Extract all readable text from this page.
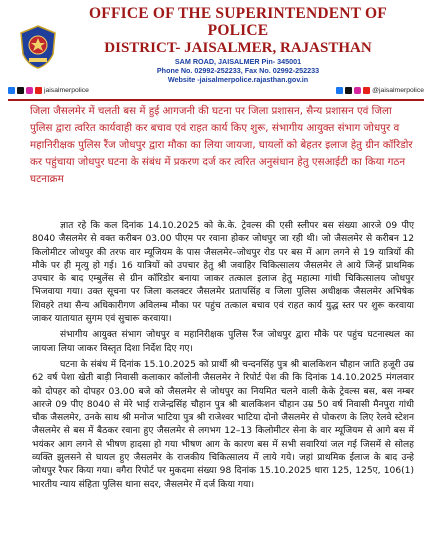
OFFICE OF THE SUPERINTENDENT OF POLICE
DISTRICT- JAISALMER, RAJASTHAN
SAM ROAD, JAISALMER Pin- 345001
Phone No. 02992-252233, Fax No. 02992-252233
Website -jaisalmerpolice.rajasthan.gov.in
jaisalmerpolice	@jaisalmerpolice
जिला जैसलमेर में चलती बस में हुई आगजनी की घटना पर जिला प्रशासन, सैन्य प्रशासन एवं जिला पुलिस द्वारा त्वरित कार्यवाही कर बचाव एवं राहत कार्य किए शुरू, संभागीय आयुक्त संभाग जोधपुर व महानिरीक्षक पुलिस रैंज जोधपुर द्वारा मौका का लिया जायजा, घायलों को बेहतर इलाज हेतु ग्रीन कॉरिडोर कर पहुंचाया जोधपुर घटना के संबंध में प्रकरण दर्ज कर त्वरित अनुसंधान हेतु एसआईटी का किया गठन घटनाक्रम

ज्ञात रहे कि कल दिनांक 14.10.2025 को के.के. ट्रेवल्स की एसी स्लीपर बस संख्या आरजे 09 पीए 8040 जैसलमेर से वक्त करीबन 03.00 पीएम पर रवाना होकर जोधपुर जा रही थी। जो जैसलमेर से करीबन 12 किलोमीटर जोधपुर की तरफ वार म्यूजियम के पास जैसलमेर–जोधपुर रोड पर बस में आग लगने से 19 यात्रियों की मौके पर ही मृत्यु हो गई। 16 यात्रियों को उपचार हेतु श्री जवाहिर चिकित्सालय जैसलमेर ले आये जिन्हें प्राथमिक उपचार के बाद एम्बुलेंस से ग्रीन कॉरिडोर बनाया जाकर तत्काल इलाज हेतु महात्मा गांधी चिकित्सालय जोधपुर भिजवाया गया। उक्त सूचना पर जिला कलक्टर जैसलमेर प्रतापसिंह व जिला पुलिस अधीक्षक जैसलमेर अभिषेक शिवहरे तथा सैन्य अधिकारीगण अविलम्ब मौका पर पहुंच तत्काल बचाव एवं राहत कार्य युद्ध स्तर पर शुरू करवाया जाकर यातायात सुगम एवं सुचारू करवाया।

संभागीय आयुक्त संभाग जोधपुर व महानिरीक्षक पुलिस रैंज जोधपुर द्वारा मौके पर पहुंच घटनास्थल का जायजा लिया जाकर विस्तृत दिशा निर्देश दिए गए।

घटना के संबंध में दिनांक 15.10.2025 को प्रार्थी श्री चन्दनसिंह पुत्र श्री बालकिशन चौहान जाति हजूरी उम्र 62 वर्ष पेशा खेती बाड़ी निवासी कलाकार कॉलोनी जैसलमेर ने रिपोर्ट पेश की कि दिनांक 14.10.2025 मंगलवार को दोपहर को दोपहर 03.00 बजे को जैसलमेर से जोधपुर का नियमित चलने वाली केके ट्रेवल्स बस, बस नम्बर आरजे 09 पीए 8040 से मेरे भाई राजेन्द्रसिंह चौहान पुत्र श्री बालकिशन चौहान उम्र 50 वर्ष निवासी मैनपुरा गांधी चौक जैसलमेर, उनके साथ श्री मनोज भाटिया पुत्र श्री राजेश्वर भाटिया दोनो जैसलमेर से पोकरण के लिए रेलवे स्टेशन जैसलमेर से बस में बैठकर रवाना हुए जैसलमेर से लगभग 12–13 किलोमीटर सेना के वार म्यूजियम से आगे बस में भयंकर आग लगने से भीषण हादसा हो गया भीषण आग के कारण बस में सभी सवारियां जल गई जिसमें से सोलह व्यक्ति झुलसने से घायल हुए जैसलमेर के राजकीय चिकित्सालय में लाये गये। जहां प्राथमिक ईलाज के बाद उन्हे जोधपुर रैफर किया गया। वगैरा रिपोर्ट पर मुकदमा संख्या 98 दिनांक 15.10.2025 धारा 125, 125ए, 106(1) भारतीय न्याय संहिता पुलिस थाना सदर, जैसलमेर में दर्ज किया गया।
